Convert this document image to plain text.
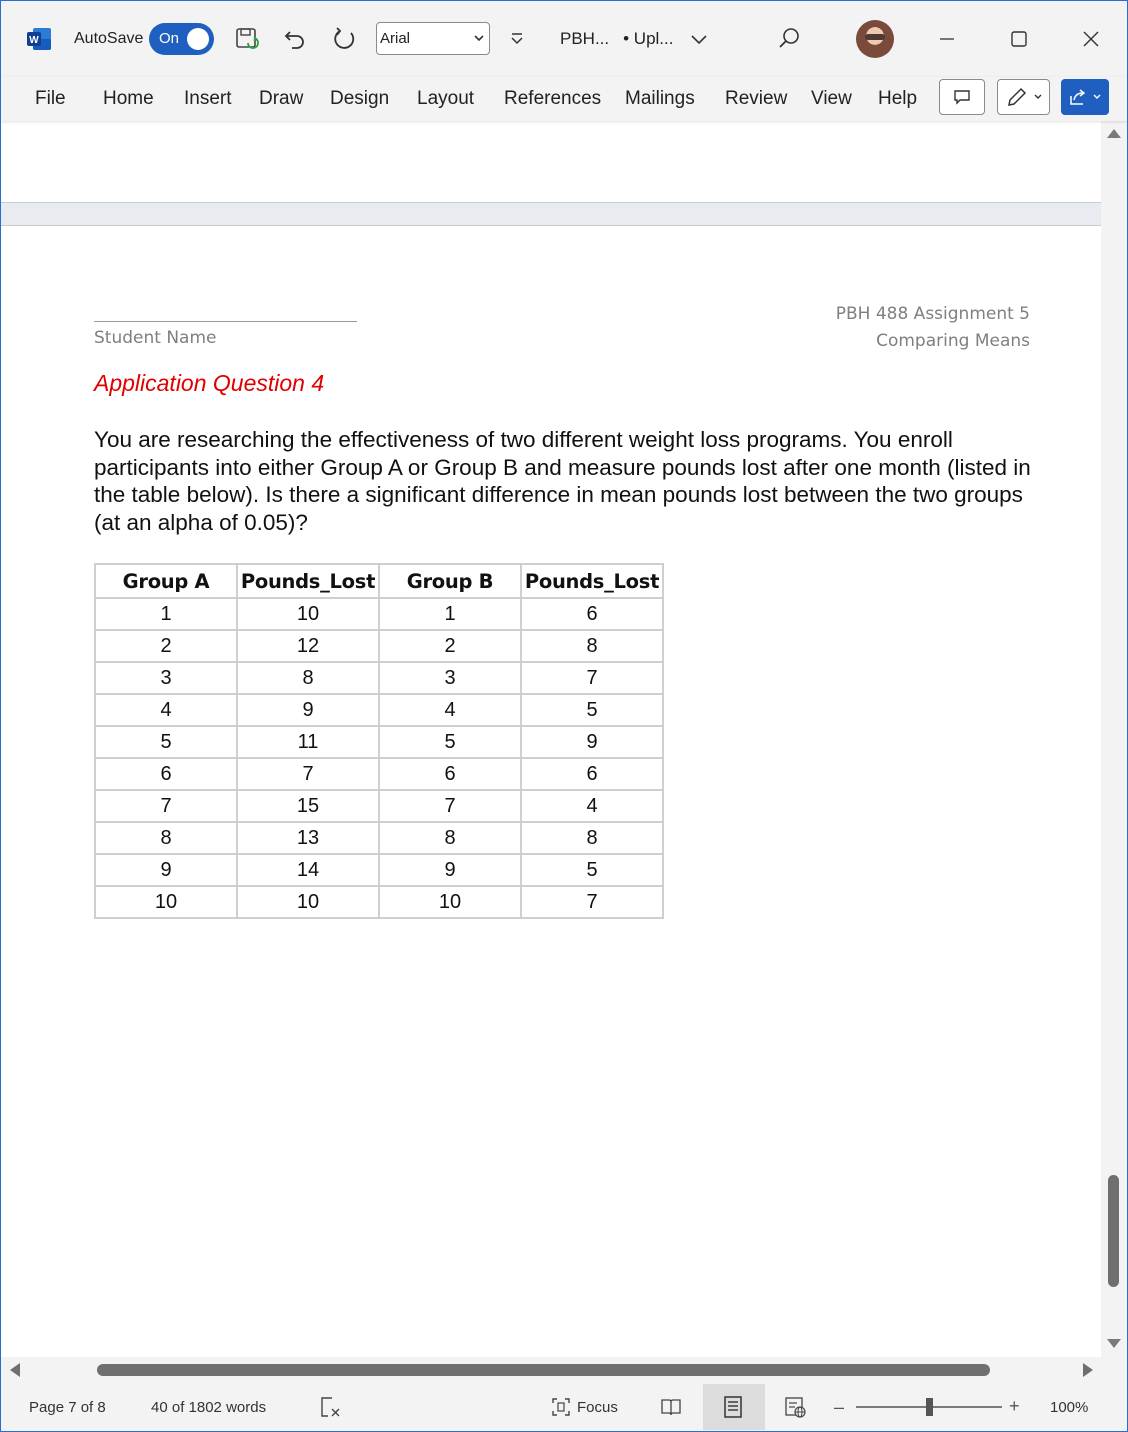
W AutoSave On	Arial	PBH... • Upl...
File Home Insert Draw Design Layout References Mailings Review View Help
Student Name
PBH 488 Assignment 5
Comparing Means
Application Question 4
You are researching the effectiveness of two different weight loss programs. You enroll participants into either Group A or Group B and measure pounds lost after one month (listed in the table below). Is there a significant difference in mean pounds lost between the two groups (at an alpha of 0.05)?
Group A	Pounds_Lost	Group B	Pounds_Lost
1	10	1	6
2	12	2	8
3	8	3	7
4	9	4	5
5	11	5	9
6	7	6	6
7	15	7	4
8	13	8	8
9	14	9	5
10	10	10	7
Page 7 of 8	40 of 1802 words	Focus	–	+ 100%
